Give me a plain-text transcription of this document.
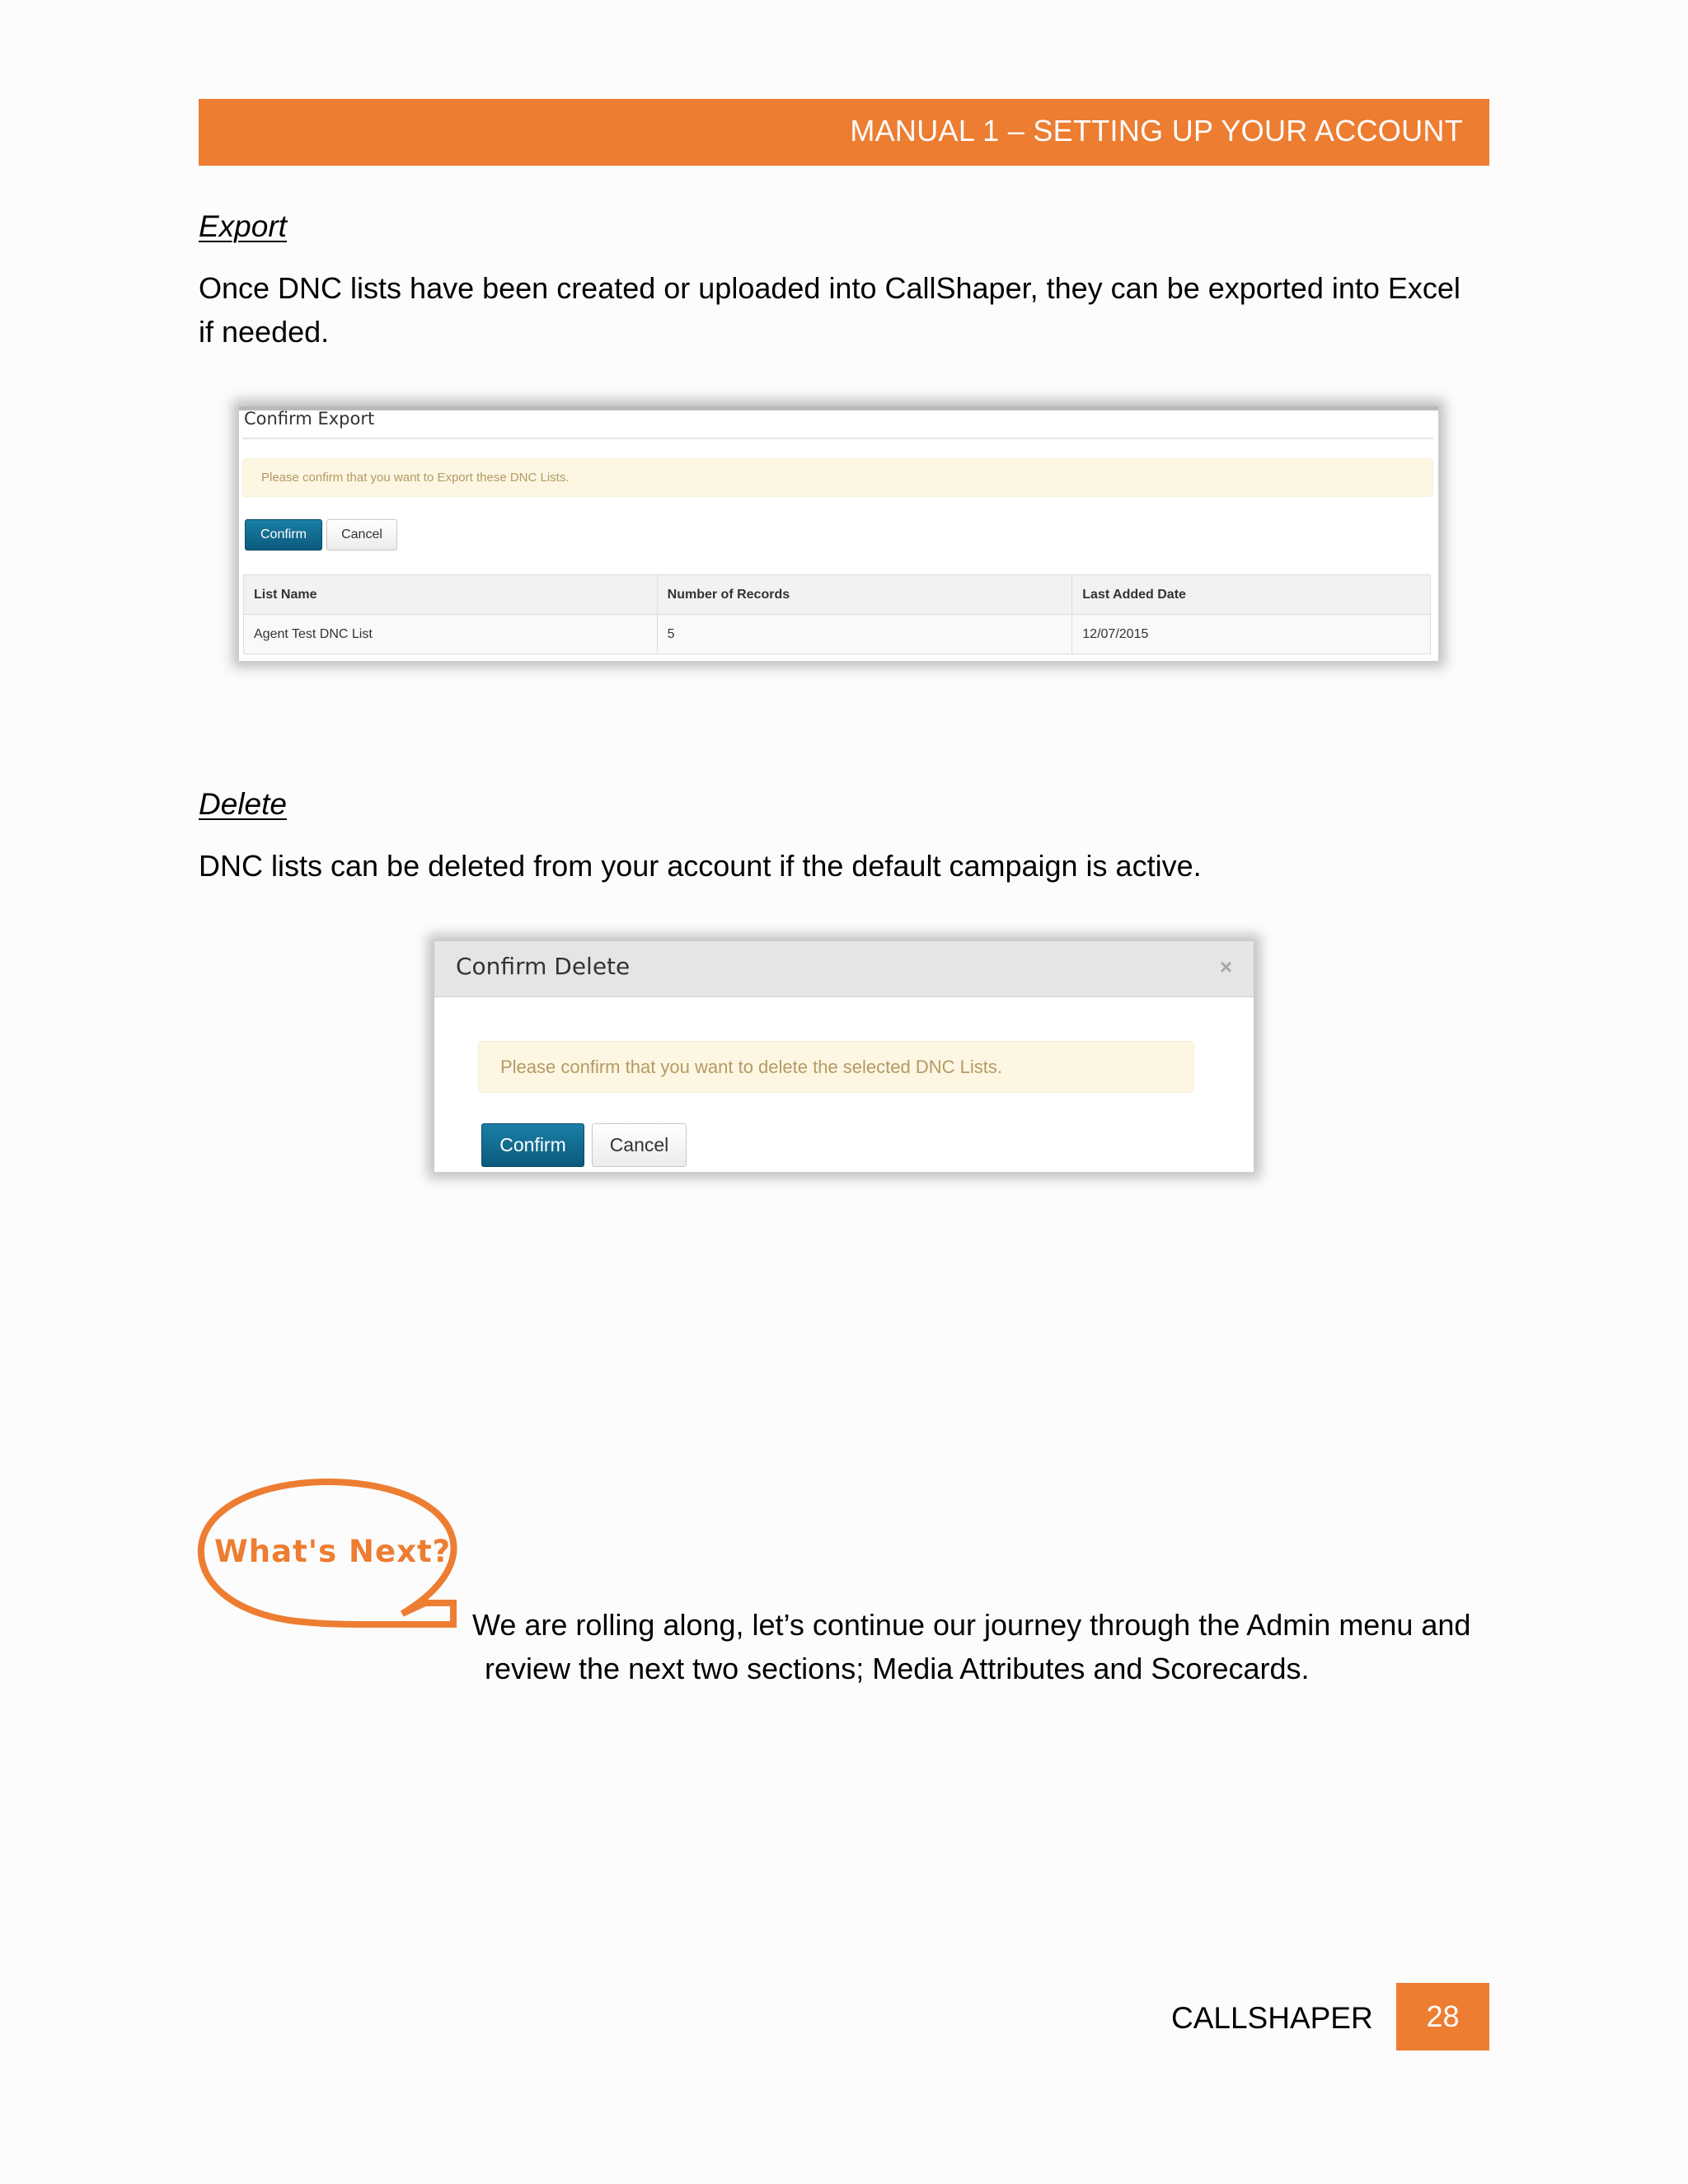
MANUAL 1 – SETTING UP YOUR ACCOUNT
Export
Once DNC lists have been created or uploaded into CallShaper, they can be exported into Excel
if needed.
Confirm Export
Please confirm that you want to Export these DNC Lists.
Confirm	Cancel
List Name	Number of Records	Last Added Date
Agent Test DNC List	5	12/07/2015
Delete
DNC lists can be deleted from your account if the default campaign is active.
Confirm Delete	×
Please confirm that you want to delete the selected DNC Lists.
Confirm	Cancel
What's Next?
We are rolling along, let’s continue our journey through the Admin menu and
review the next two sections; Media Attributes and Scorecards.
CALLSHAPER	28
